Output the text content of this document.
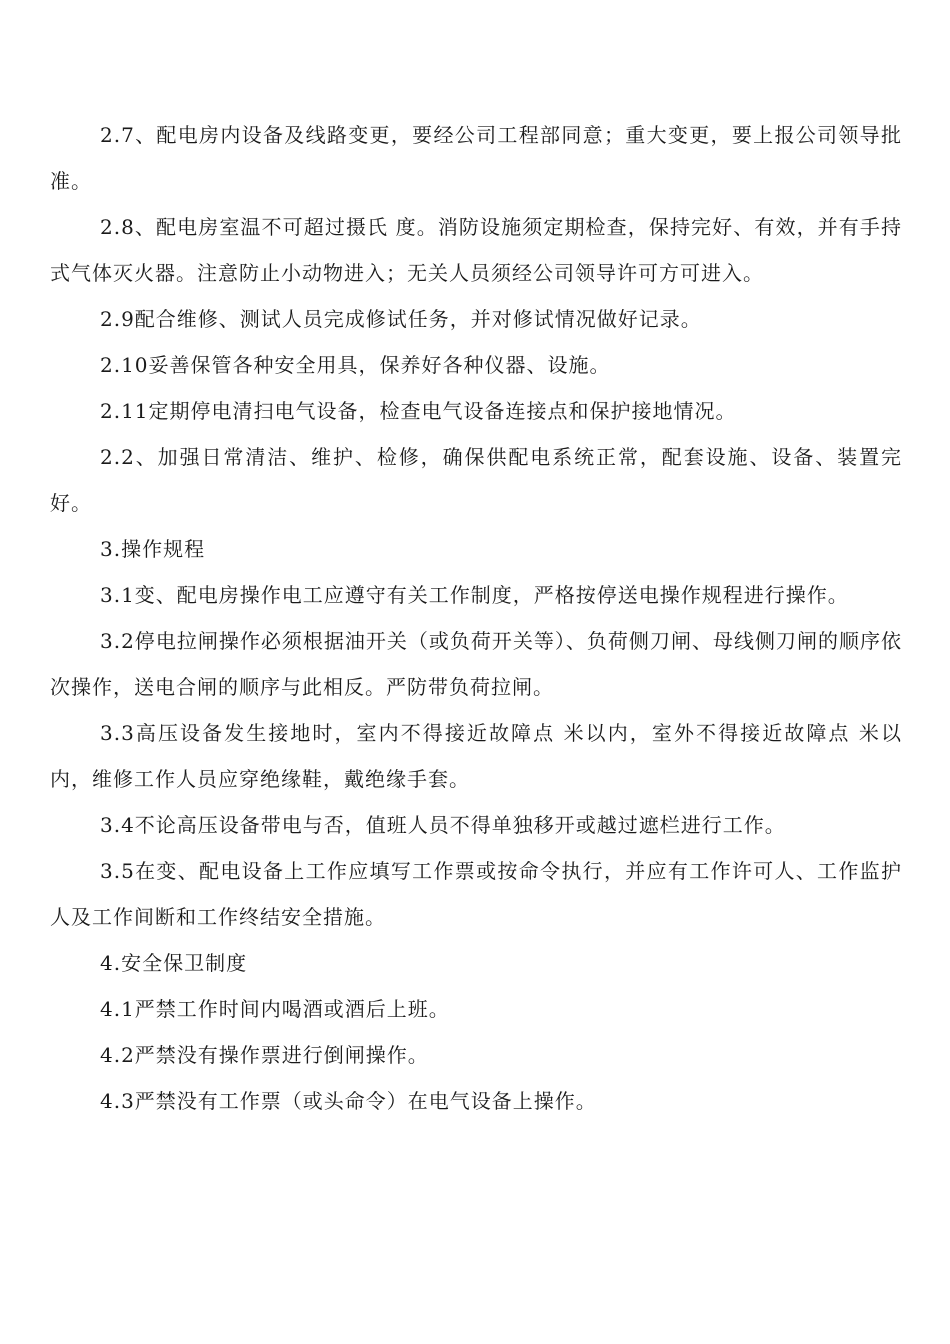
2.7、配电房内设备及线路变更，要经公司工程部同意；重大变更，要上报公司领导批准。

2.8、配电房室温不可超过摄氏 度。消防设施须定期检查，保持完好、有效，并有手持式气体灭火器。注意防止小动物进入；无关人员须经公司领导许可方可进入。

2.9配合维修、测试人员完成修试任务，并对修试情况做好记录。

2.10妥善保管各种安全用具，保养好各种仪器、设施。

2.11定期停电清扫电气设备，检查电气设备连接点和保护接地情况。

2.2、加强日常清洁、维护、检修，确保供配电系统正常，配套设施、设备、装置完好。

3.操作规程

3.1变、配电房操作电工应遵守有关工作制度，严格按停送电操作规程进行操作。

3.2停电拉闸操作必须根据油开关（或负荷开关等）、负荷侧刀闸、母线侧刀闸的顺序依次操作，送电合闸的顺序与此相反。严防带负荷拉闸。

3.3高压设备发生接地时，室内不得接近故障点 米以内，室外不得接近故障点 米以内，维修工作人员应穿绝缘鞋，戴绝缘手套。

3.4不论高压设备带电与否，值班人员不得单独移开或越过遮栏进行工作。

3.5在变、配电设备上工作应填写工作票或按命令执行，并应有工作许可人、工作监护人及工作间断和工作终结安全措施。

4.安全保卫制度

4.1严禁工作时间内喝酒或酒后上班。

4.2严禁没有操作票进行倒闸操作。

4.3严禁没有工作票（或头命令）在电气设备上操作。
